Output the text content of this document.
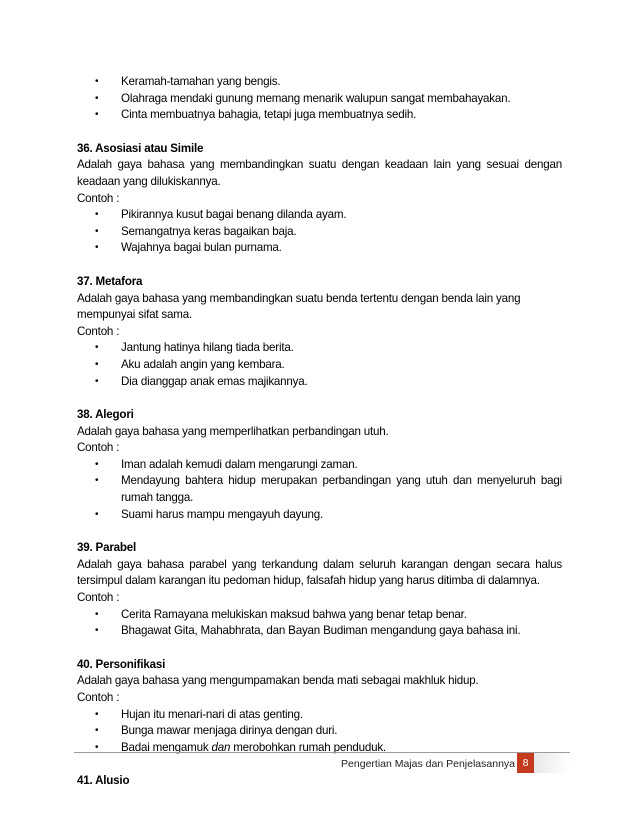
• Keramah-tamahan yang bengis.
• Olahraga mendaki gunung memang menarik walupun sangat membahayakan.
• Cinta membuatnya bahagia, tetapi juga membuatnya sedih.
36. Asosiasi atau Simile
Adalah gaya bahasa yang membandingkan suatu dengan keadaan lain yang sesuai dengan keadaan yang dilukiskannya.
Contoh :
• Pikirannya kusut bagai benang dilanda ayam.
• Semangatnya keras bagaikan baja.
• Wajahnya bagai bulan purnama.
37. Metafora
Adalah gaya bahasa yang membandingkan suatu benda tertentu dengan benda lain yang mempunyai sifat sama.
Contoh :
• Jantung hatinya hilang tiada berita.
• Aku adalah angin yang kembara.
• Dia dianggap anak emas majikannya.
38. Alegori
Adalah gaya bahasa yang memperlihatkan perbandingan utuh.
Contoh :
• Iman adalah kemudi dalam mengarungi zaman.
• Mendayung bahtera hidup merupakan perbandingan yang utuh dan menyeluruh bagi rumah tangga.
• Suami harus mampu mengayuh dayung.
39. Parabel
Adalah gaya bahasa parabel yang terkandung dalam seluruh karangan dengan secara halus tersimpul dalam karangan itu pedoman hidup, falsafah hidup yang harus ditimba di dalamnya.
Contoh :
• Cerita Ramayana melukiskan maksud bahwa yang benar tetap benar.
• Bhagawat Gita, Mahabhrata, dan Bayan Budiman mengandung gaya bahasa ini.
40. Personifikasi
Adalah gaya bahasa yang mengumpamakan benda mati sebagai makhluk hidup.
Contoh :
• Hujan itu menari-nari di atas genting.
• Bunga mawar menjaga dirinya dengan duri.
• Badai mengamuk dan merobohkan rumah penduduk.
41. Alusio
Pengertian Majas dan Penjelasannya 8
